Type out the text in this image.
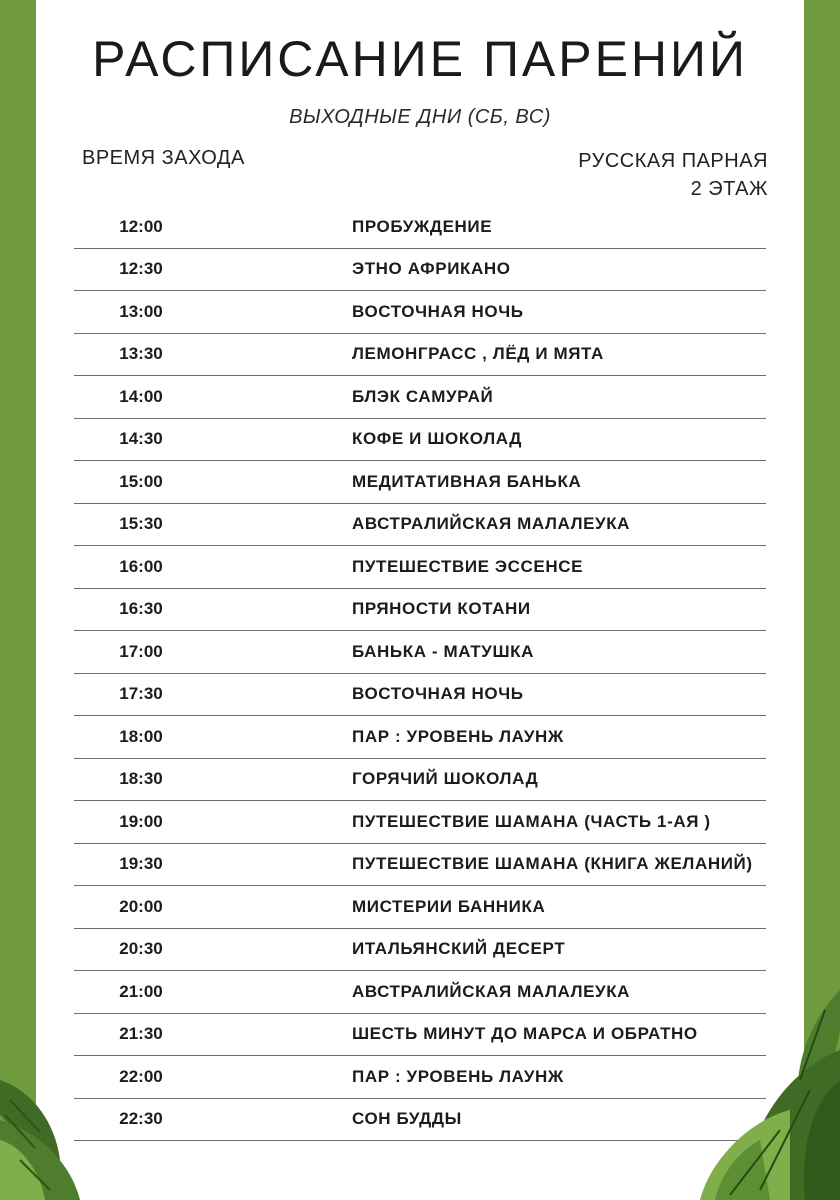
РАСПИСАНИЕ ПАРЕНИЙ
ВЫХОДНЫЕ ДНИ (СБ, ВС)
ВРЕМЯ ЗАХОДА	РУССКАЯ ПАРНАЯ
2 ЭТАЖ
12:00	ПРОБУЖДЕНИЕ
12:30	ЭТНО АФРИКАНО
13:00	ВОСТОЧНАЯ НОЧЬ
13:30	ЛЕМОНГРАСС , ЛЁД И МЯТА
14:00	БЛЭК САМУРАЙ
14:30	КОФЕ И ШОКОЛАД
15:00	МЕДИТАТИВНАЯ БАНЬКА
15:30	АВСТРАЛИЙСКАЯ МАЛАЛЕУКА
16:00	ПУТЕШЕСТВИЕ ЭССЕНСЕ
16:30	ПРЯНОСТИ КОТАНИ
17:00	БАНЬКА - МАТУШКА
17:30	ВОСТОЧНАЯ НОЧЬ
18:00	ПАР : УРОВЕНЬ ЛАУНЖ
18:30	ГОРЯЧИЙ ШОКОЛАД
19:00	ПУТЕШЕСТВИЕ ШАМАНА (ЧАСТЬ 1-АЯ )
19:30	ПУТЕШЕСТВИЕ ШАМАНА (КНИГА ЖЕЛАНИЙ)
20:00	МИСТЕРИИ БАННИКА
20:30	ИТАЛЬЯНСКИЙ ДЕСЕРТ
21:00	АВСТРАЛИЙСКАЯ МАЛАЛЕУКА
21:30	ШЕСТЬ МИНУТ ДО МАРСА И ОБРАТНО
22:00	ПАР : УРОВЕНЬ ЛАУНЖ
22:30	СОН БУДДЫ
